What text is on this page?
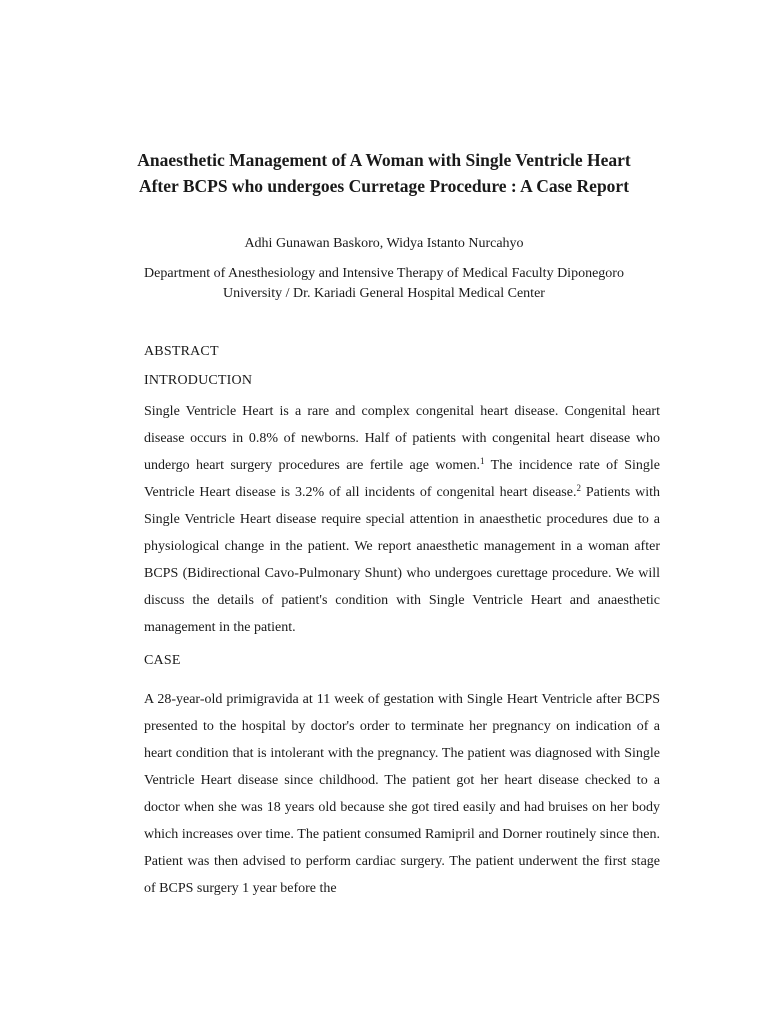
Anaesthetic Management of A Woman with Single Ventricle Heart After BCPS who undergoes Curretage Procedure : A Case Report
Adhi Gunawan Baskoro, Widya Istanto Nurcahyo
Department of Anesthesiology and Intensive Therapy of Medical Faculty Diponegoro University / Dr. Kariadi General Hospital Medical Center
ABSTRACT
INTRODUCTION

Single Ventricle Heart is a rare and complex congenital heart disease. Congenital heart disease occurs in 0.8% of newborns. Half of patients with congenital heart disease who undergo heart surgery procedures are fertile age women.$^1$ The incidence rate of Single Ventricle Heart disease is 3.2% of all incidents of congenital heart disease.$^2$ Patients with Single Ventricle Heart disease require special attention in anaesthetic procedures due to a physiological change in the patient. We report anaesthetic management in a woman after BCPS (Bidirectional Cavo-Pulmonary Shunt) who undergoes curettage procedure. We will discuss the details of patient's condition with Single Ventricle Heart and anaesthetic management in the patient.

CASE

A 28-year-old primigravida at 11 week of gestation with Single Heart Ventricle after BCPS presented to the hospital by doctor's order to terminate her pregnancy on indication of a heart condition that is intolerant with the pregnancy. The patient was diagnosed with Single Ventricle Heart disease since childhood. The patient got her heart disease checked to a doctor when she was 18 years old because she got tired easily and had bruises on her body which increases over time. The patient consumed Ramipril and Dorner routinely since then. Patient was then advised to perform cardiac surgery. The patient underwent the first stage of BCPS surgery 1 year before the
